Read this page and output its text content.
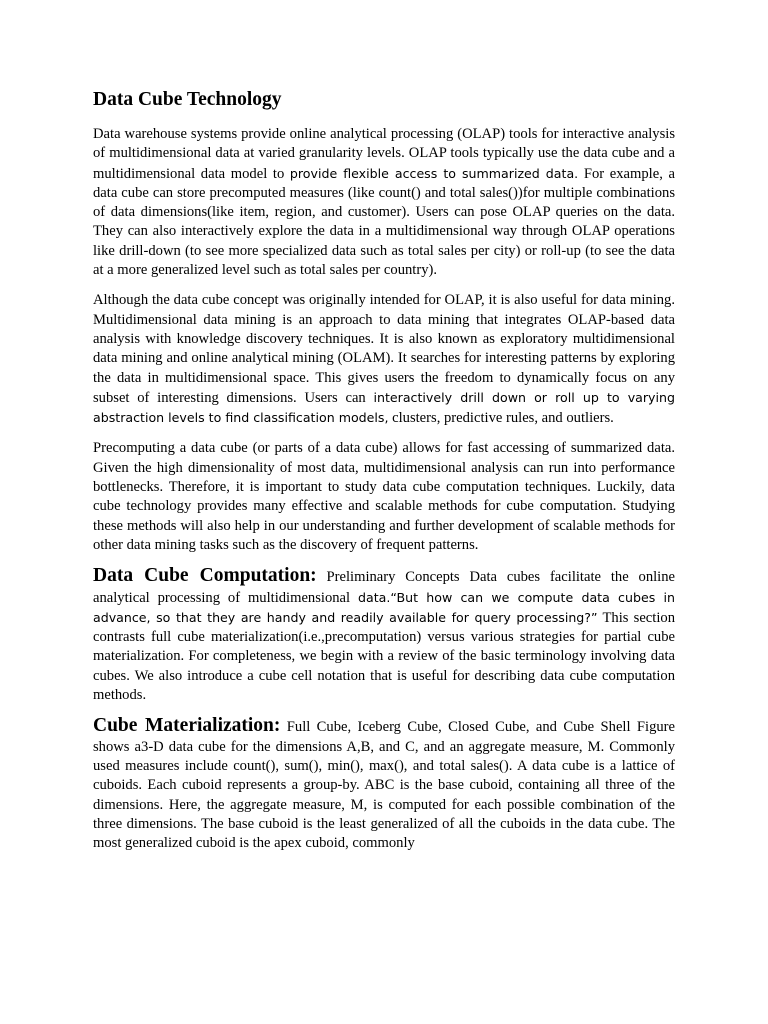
Data Cube Technology

Data warehouse systems provide online analytical processing (OLAP) tools for interactive analysis of multidimensional data at varied granularity levels. OLAP tools typically use the data cube and a multidimensional data model to provide flexible access to summarized data. For example, a data cube can store precomputed measures (like count() and total sales())for multiple combinations of data dimensions(like item, region, and customer). Users can pose OLAP queries on the data. They can also interactively explore the data in a multidimensional way through OLAP operations like drill-down (to see more specialized data such as total sales per city) or roll-up (to see the data at a more generalized level such as total sales per country).

Although the data cube concept was originally intended for OLAP, it is also useful for data mining. Multidimensional data mining is an approach to data mining that integrates OLAP-based data analysis with knowledge discovery techniques. It is also known as exploratory multidimensional data mining and online analytical mining (OLAM). It searches for interesting patterns by exploring the data in multidimensional space. This gives users the freedom to dynamically focus on any subset of interesting dimensions. Users can interactively drill down or roll up to varying abstraction levels to find classification models, clusters, predictive rules, and outliers.

Precomputing a data cube (or parts of a data cube) allows for fast accessing of summarized data. Given the high dimensionality of most data, multidimensional analysis can run into performance bottlenecks. Therefore, it is important to study data cube computation techniques. Luckily, data cube technology provides many effective and scalable methods for cube computation. Studying these methods will also help in our understanding and further development of scalable methods for other data mining tasks such as the discovery of frequent patterns.

Data Cube Computation: Preliminary Concepts Data cubes facilitate the online analytical processing of multidimensional data.“But how can we compute data cubes in advance, so that they are handy and readily available for query processing?” This section contrasts full cube materialization(i.e.,precomputation) versus various strategies for partial cube materialization. For completeness, we begin with a review of the basic terminology involving data cubes. We also introduce a cube cell notation that is useful for describing data cube computation methods.

Cube Materialization: Full Cube, Iceberg Cube, Closed Cube, and Cube Shell Figure shows a3-D data cube for the dimensions A,B, and C, and an aggregate measure, M. Commonly used measures include count(), sum(), min(), max(), and total sales(). A data cube is a lattice of cuboids. Each cuboid represents a group-by. ABC is the base cuboid, containing all three of the dimensions. Here, the aggregate measure, M, is computed for each possible combination of the three dimensions. The base cuboid is the least generalized of all the cuboids in the data cube. The most generalized cuboid is the apex cuboid, commonly
